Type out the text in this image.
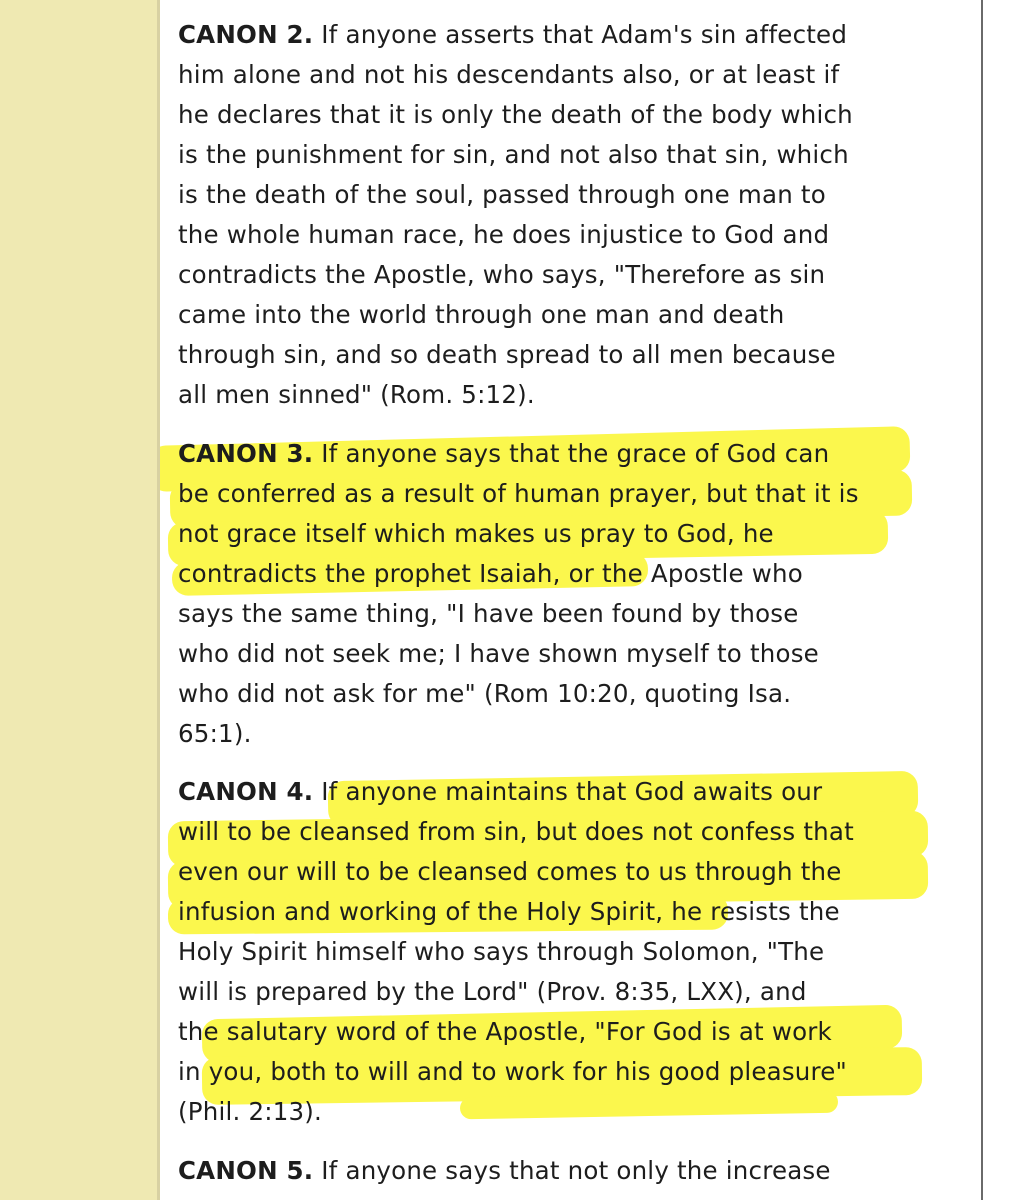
CANON 2. If anyone asserts that Adam's sin affected
him alone and not his descendants also, or at least if
he declares that it is only the death of the body which
is the punishment for sin, and not also that sin, which
is the death of the soul, passed through one man to
the whole human race, he does injustice to God and
contradicts the Apostle, who says, "Therefore as sin
came into the world through one man and death
through sin, and so death spread to all men because
all men sinned" (Rom. 5:12).
CANON 3. If anyone says that the grace of God can
be conferred as a result of human prayer, but that it is
not grace itself which makes us pray to God, he
contradicts the prophet Isaiah, or the Apostle who
says the same thing, "I have been found by those
who did not seek me; I have shown myself to those
who did not ask for me" (Rom 10:20, quoting Isa.
65:1).
CANON 4. If anyone maintains that God awaits our
will to be cleansed from sin, but does not confess that
even our will to be cleansed comes to us through the
infusion and working of the Holy Spirit, he resists the
Holy Spirit himself who says through Solomon, "The
will is prepared by the Lord" (Prov. 8:35, LXX), and
the salutary word of the Apostle, "For God is at work
in you, both to will and to work for his good pleasure"
(Phil. 2:13).
CANON 5. If anyone says that not only the increase
